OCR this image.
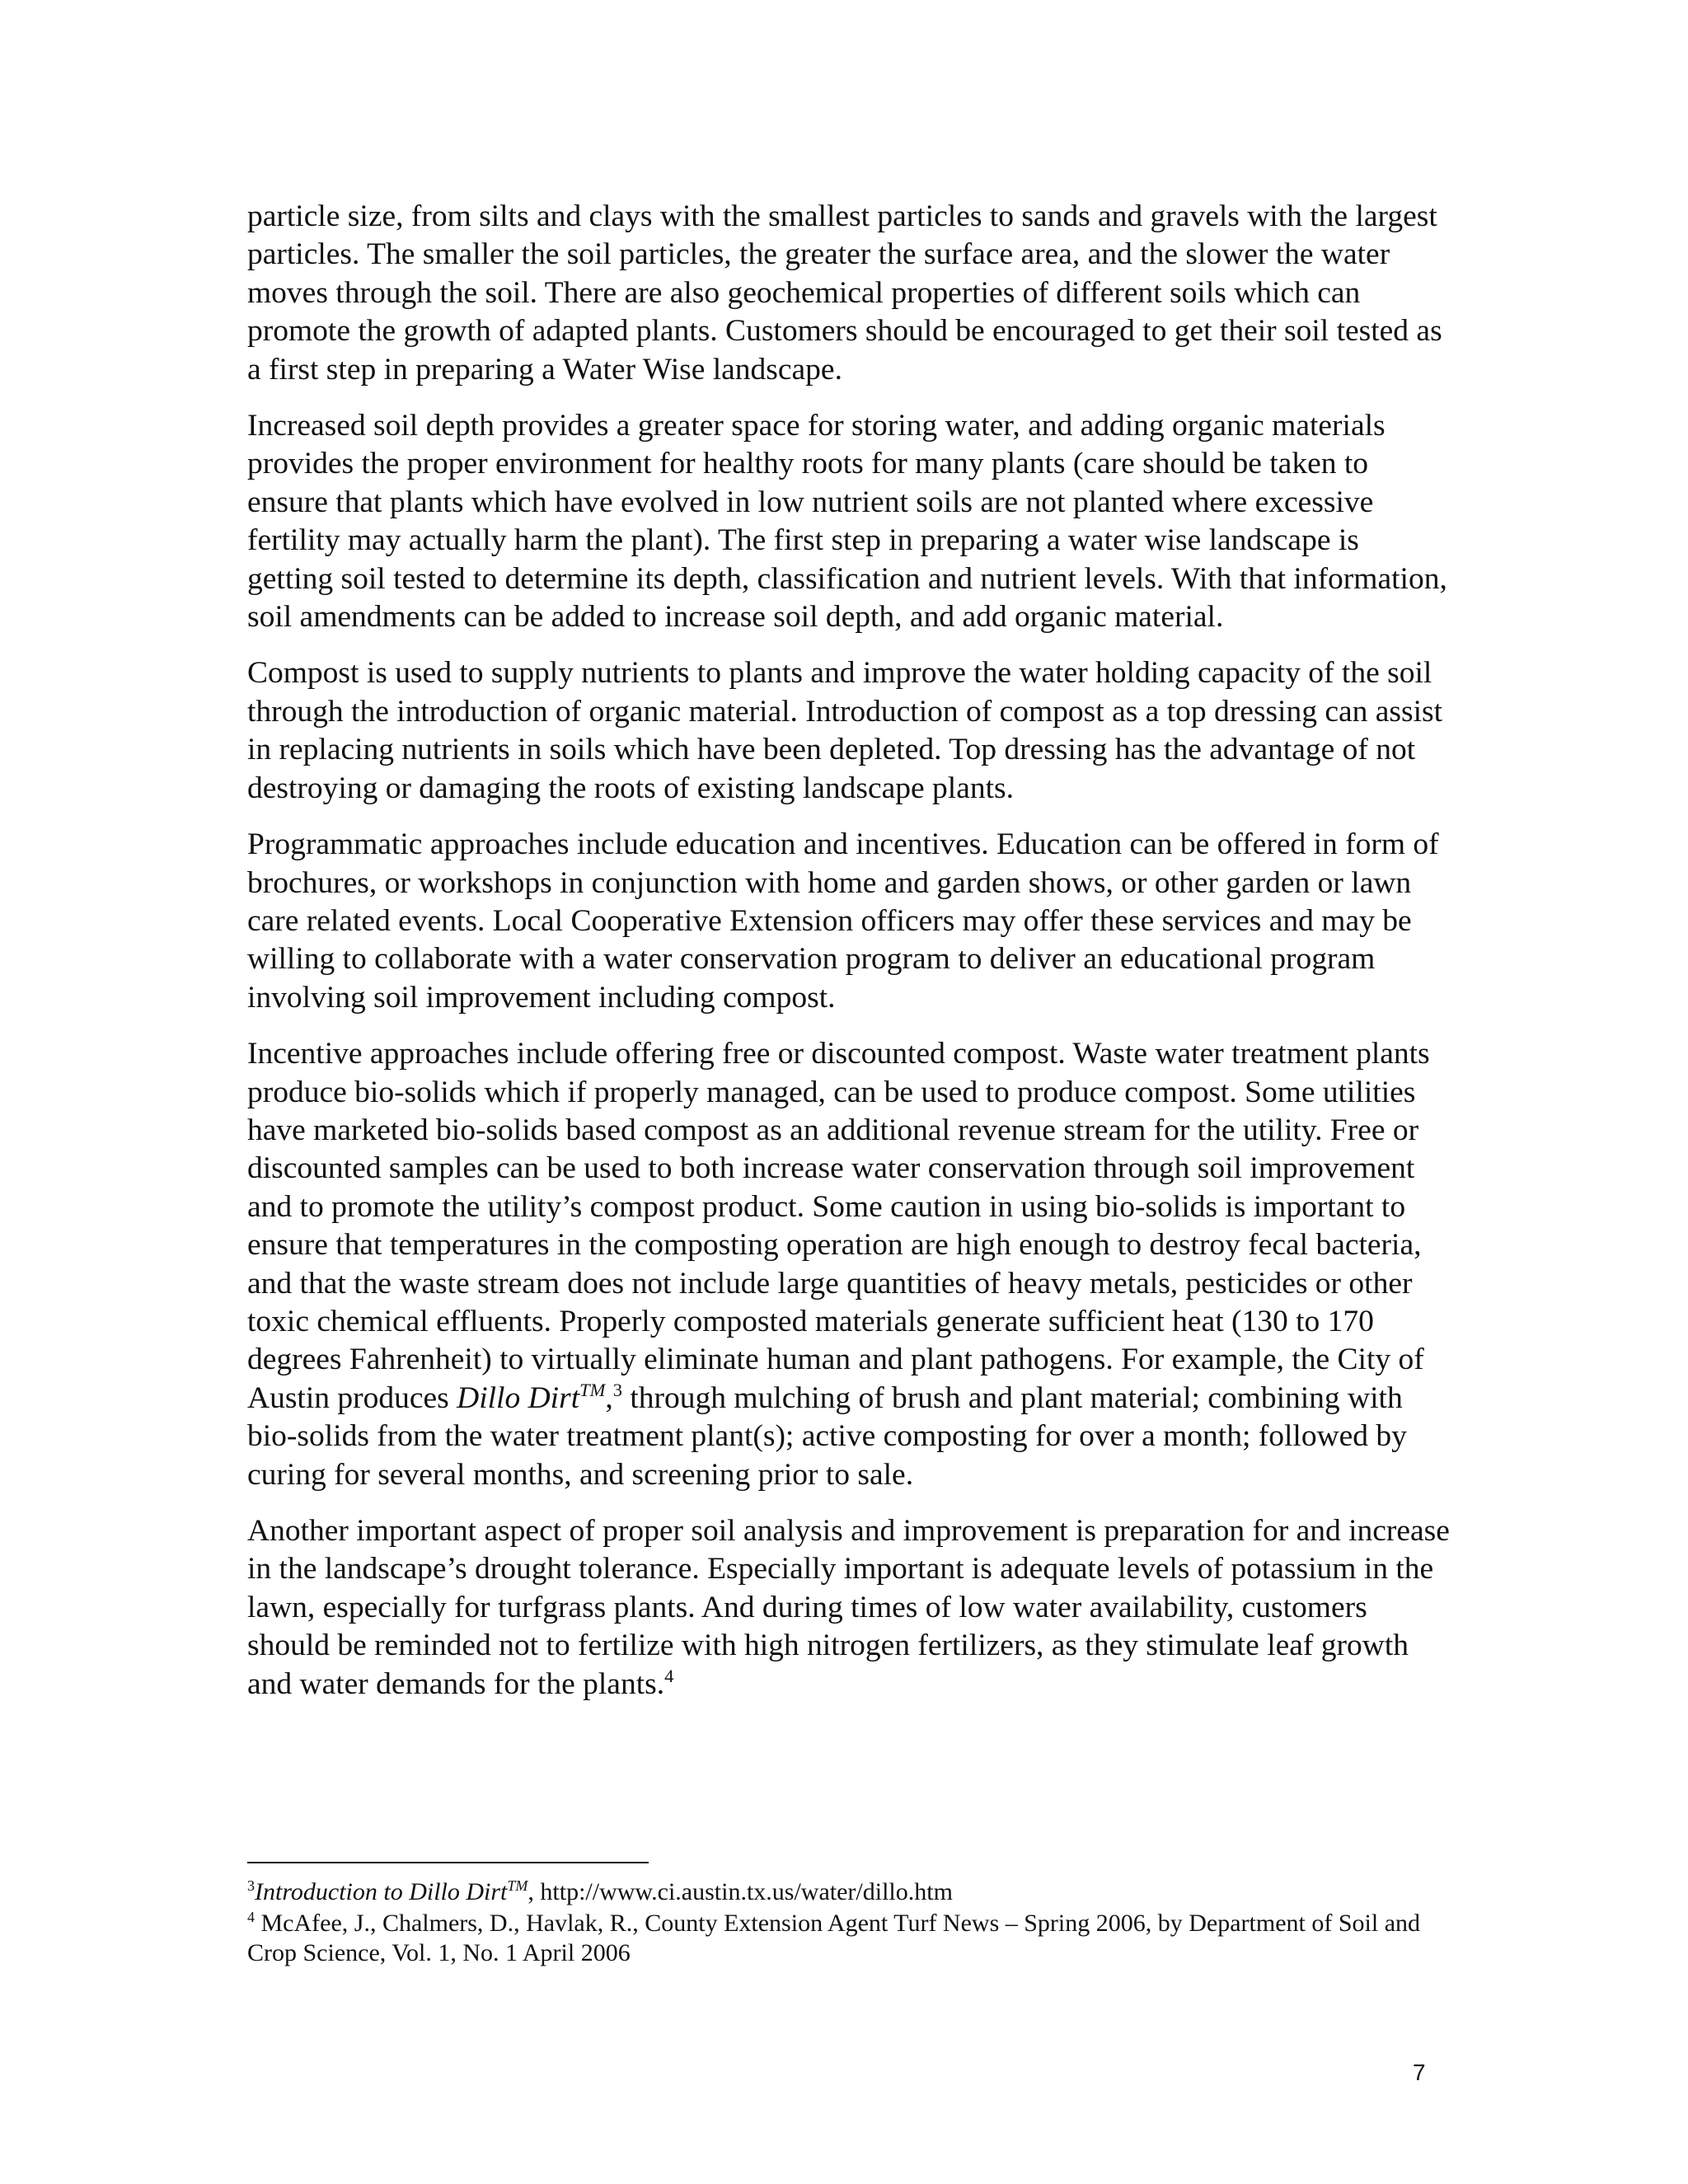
particle size, from silts and clays with the smallest particles to sands and gravels with the largest particles. The smaller the soil particles, the greater the surface area, and the slower the water moves through the soil. There are also geochemical properties of different soils which can promote the growth of adapted plants. Customers should be encouraged to get their soil tested as a first step in preparing a Water Wise landscape.

Increased soil depth provides a greater space for storing water, and adding organic materials provides the proper environment for healthy roots for many plants (care should be taken to ensure that plants which have evolved in low nutrient soils are not planted where excessive fertility may actually harm the plant). The first step in preparing a water wise landscape is getting soil tested to determine its depth, classification and nutrient levels. With that information, soil amendments can be added to increase soil depth, and add organic material.

Compost is used to supply nutrients to plants and improve the water holding capacity of the soil through the introduction of organic material. Introduction of compost as a top dressing can assist in replacing nutrients in soils which have been depleted. Top dressing has the advantage of not destroying or damaging the roots of existing landscape plants.

Programmatic approaches include education and incentives. Education can be offered in form of brochures, or workshops in conjunction with home and garden shows, or other garden or lawn care related events. Local Cooperative Extension officers may offer these services and may be willing to collaborate with a water conservation program to deliver an educational program involving soil improvement including compost.

Incentive approaches include offering free or discounted compost. Waste water treatment plants produce bio-solids which if properly managed, can be used to produce compost. Some utilities have marketed bio-solids based compost as an additional revenue stream for the utility. Free or discounted samples can be used to both increase water conservation through soil improvement and to promote the utility’s compost product. Some caution in using bio-solids is important to ensure that temperatures in the composting operation are high enough to destroy fecal bacteria, and that the waste stream does not include large quantities of heavy metals, pesticides or other toxic chemical effluents. Properly composted materials generate sufficient heat (130 to 170 degrees Fahrenheit) to virtually eliminate human and plant pathogens. For example, the City of Austin produces Dillo Dirt™,$^3$ through mulching of brush and plant material; combining with bio-solids from the water treatment plant(s); active composting for over a month; followed by curing for several months, and screening prior to sale.

Another important aspect of proper soil analysis and improvement is preparation for and increase in the landscape’s drought tolerance. Especially important is adequate levels of potassium in the lawn, especially for turfgrass plants. And during times of low water availability, customers should be reminded not to fertilize with high nitrogen fertilizers, as they stimulate leaf growth and water demands for the plants.$^4$

$^3$Introduction to Dillo Dirt™, http://www.ci.austin.tx.us/water/dillo.htm

$^4$ McAfee, J., Chalmers, D., Havlak, R., County Extension Agent Turf News – Spring 2006, by Department of Soil and Crop Science, Vol. 1, No. 1 April 2006

7
